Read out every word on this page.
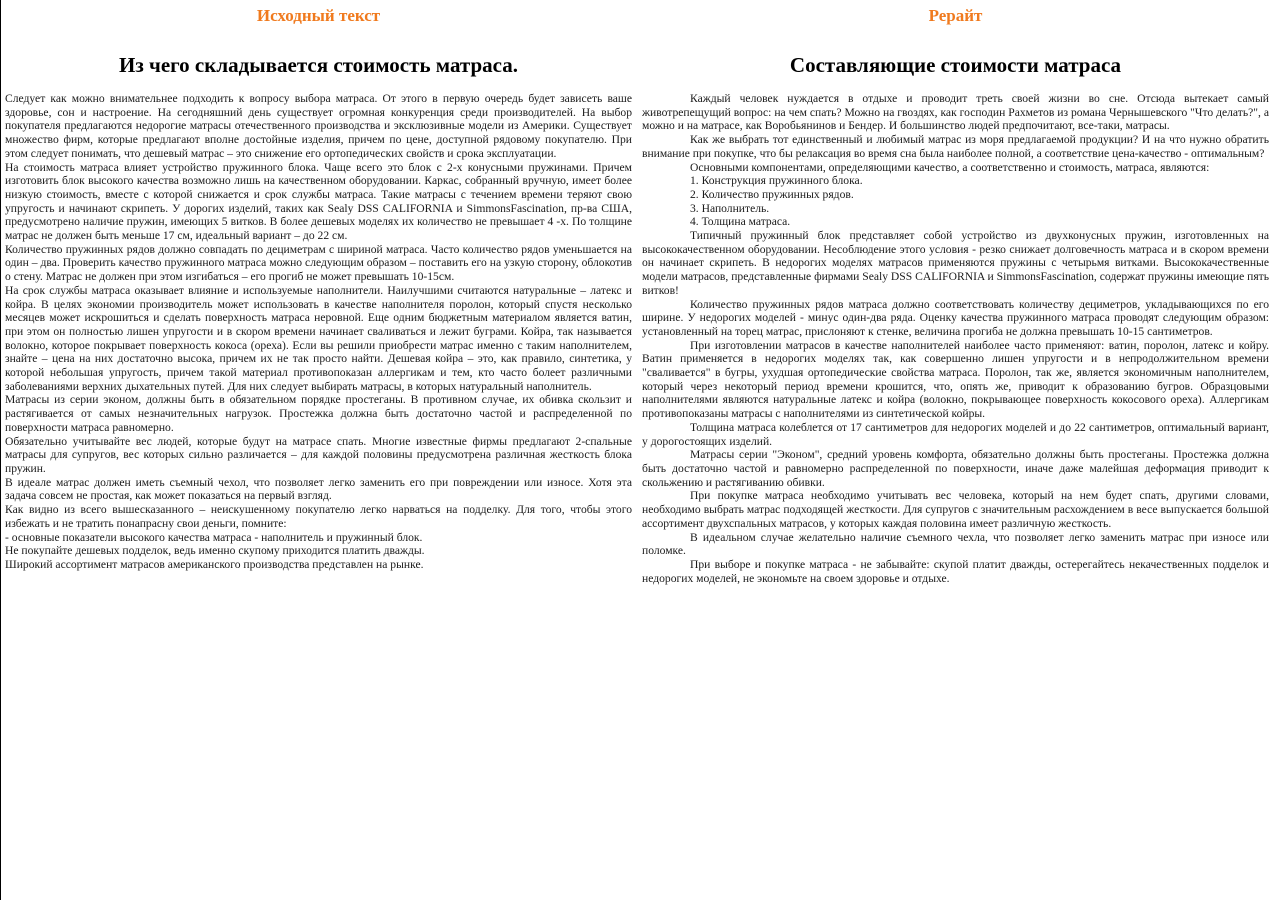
Исходный текст
Из чего складывается стоимость матраса.

Следует как можно внимательнее подходить к вопросу выбора матраса. От этого в первую очередь будет зависеть ваше здоровье, сон и настроение. На сегодняшний день существует огромная конкуренция среди производителей. На выбор покупателя предлагаются недорогие матрасы отечественного производства и эксклюзивные модели из Америки. Существует множество фирм, которые предлагают вполне достойные изделия, причем по цене, доступной рядовому покупателю. При этом следует понимать, что дешевый матрас – это снижение его ортопедических свойств и срока эксплуатации.

На стоимость матраса влияет устройство пружинного блока. Чаще всего это блок с 2-х конусными пружинами. Причем изготовить блок высокого качества возможно лишь на качественном оборудовании. Каркас, собранный вручную, имеет более низкую стоимость, вместе с которой снижается и срок службы матраса. Такие матрасы с течением времени теряют свою упругость и начинают скрипеть. У дорогих изделий, таких как Sealy DSS CALIFORNIA и SimmonsFascination, пр-ва США, предусмотрено наличие пружин, имеющих 5 витков. В более дешевых моделях их количество не превышает 4 -х. По толщине матрас не должен быть меньше 17 см, идеальный вариант – до 22 см.

Количество пружинных рядов должно совпадать по дециметрам с шириной матраса. Часто количество рядов уменьшается на один – два. Проверить качество пружинного матраса можно следующим образом – поставить его на узкую сторону, облокотив о стену. Матрас не должен при этом изгибаться – его прогиб не может превышать 10-15см.

На срок службы матраса оказывает влияние и используемые наполнители. Наилучшими считаются натуральные – латекс и койра. В целях экономии производитель может использовать в качестве наполнителя поролон, который спустя несколько месяцев может искрошиться и сделать поверхность матраса неровной. Еще одним бюджетным материалом является ватин, при этом он полностью лишен упругости и в скором времени начинает сваливаться и лежит буграми. Койра, так называется волокно, которое покрывает поверхность кокоса (ореха). Если вы решили приобрести матрас именно с таким наполнителем, знайте – цена на них достаточно высока, причем их не так просто найти. Дешевая койра – это, как правило, синтетика, у которой небольшая упругость, причем такой материал противопоказан аллергикам и тем, кто часто болеет различными заболеваниями верхних дыхательных путей. Для них следует выбирать матрасы, в которых натуральный наполнитель.

Матрасы из серии эконом, должны быть в обязательном порядке простеганы. В противном случае, их обивка скользит и растягивается от самых незначительных нагрузок. Простежка должна быть достаточно частой и распределенной по поверхности матраса равномерно.

Обязательно учитывайте вес людей, которые будут на матрасе спать. Многие известные фирмы предлагают 2-спальные матрасы для супругов, вес которых сильно различается – для каждой половины предусмотрена различная жесткость блока пружин.

В идеале матрас должен иметь съемный чехол, что позволяет легко заменить его при повреждении или износе. Хотя эта задача совсем не простая, как может показаться на первый взгляд.

Как видно из всего вышесказанного – неискушенному покупателю легко нарваться на подделку. Для того, чтобы этого избежать и не тратить понапрасну свои деньги, помните:

- основные показатели высокого качества матраса - наполнитель и пружинный блок.

Не покупайте дешевых подделок, ведь именно скупому приходится платить дважды.

Широкий ассортимент матрасов американского производства представлен на рынке.

Рерайт
Составляющие стоимости матраса

Каждый человек нуждается в отдыхе и проводит треть своей жизни во сне. Отсюда вытекает самый животрепещущий вопрос: на чем спать? Можно на гвоздях, как господин Рахметов из романа Чернышевского "Что делать?", а можно и на матрасе, как Воробьянинов и Бендер. И большинство людей предпочитают, все-таки, матрасы.

Как же выбрать тот единственный и любимый матрас из моря предлагаемой продукции? И на что нужно обратить внимание при покупке, что бы релаксация во время сна была наиболее полной, а соответствие цена-качество - оптимальным?

Основными компонентами, определяющими качество, а соответственно и стоимость, матраса, являются:

1. Конструкция пружинного блока.

2. Количество пружинных рядов.

3. Наполнитель.

4. Толщина матраса.

Типичный пружинный блок представляет собой устройство из двухконусных пружин, изготовленных на высококачественном оборудовании. Несоблюдение этого условия - резко снижает долговечность матраса и в скором времени он начинает скрипеть. В недорогих моделях матрасов применяются пружины с четырьмя витками. Высококачественные модели матрасов, представленные фирмами Sealy DSS CALIFORNIA и SimmonsFascination, содержат пружины имеющие пять витков!

Количество пружинных рядов матраса должно соответствовать количеству дециметров, укладывающихся по его ширине. У недорогих моделей - минус один-два ряда. Оценку качества пружинного матраса проводят следующим образом: установленный на торец матрас, прислоняют к стенке, величина прогиба не должна превышать 10-15 сантиметров.

При изготовлении матрасов в качестве наполнителей наиболее часто применяют: ватин, поролон, латекс и койру. Ватин применяется в недорогих моделях так, как совершенно лишен упругости и в непродолжительном времени "сваливается" в бугры, ухудшая ортопедические свойства матраса. Поролон, так же, является экономичным наполнителем, который через некоторый период времени крошится, что, опять же, приводит к образованию бугров. Образцовыми наполнителями являются натуральные латекс и койра (волокно, покрывающее поверхность кокосового ореха). Аллергикам противопоказаны матрасы с наполнителями из синтетической койры.

Толщина матраса колеблется от 17 сантиметров для недорогих моделей и до 22 сантиметров, оптимальный вариант, у дорогостоящих изделий.

Матрасы серии "Эконом", средний уровень комфорта, обязательно должны быть простеганы. Простежка должна быть достаточно частой и равномерно распределенной по поверхности, иначе даже малейшая деформация приводит к скольжению и растягиванию обивки.

При покупке матраса необходимо учитывать вес человека, который на нем будет спать, другими словами, необходимо выбрать матрас подходящей жесткости. Для супругов с значительным расхождением в весе выпускается большой ассортимент двухспальных матрасов, у которых каждая половина имеет различную жесткость.

В идеальном случае желательно наличие съемного чехла, что позволяет легко заменить матрас при износе или поломке.

При выборе и покупке матраса - не забывайте: скупой платит дважды, остерегайтесь некачественных подделок и недорогих моделей, не экономьте на своем здоровье и отдыхе.
